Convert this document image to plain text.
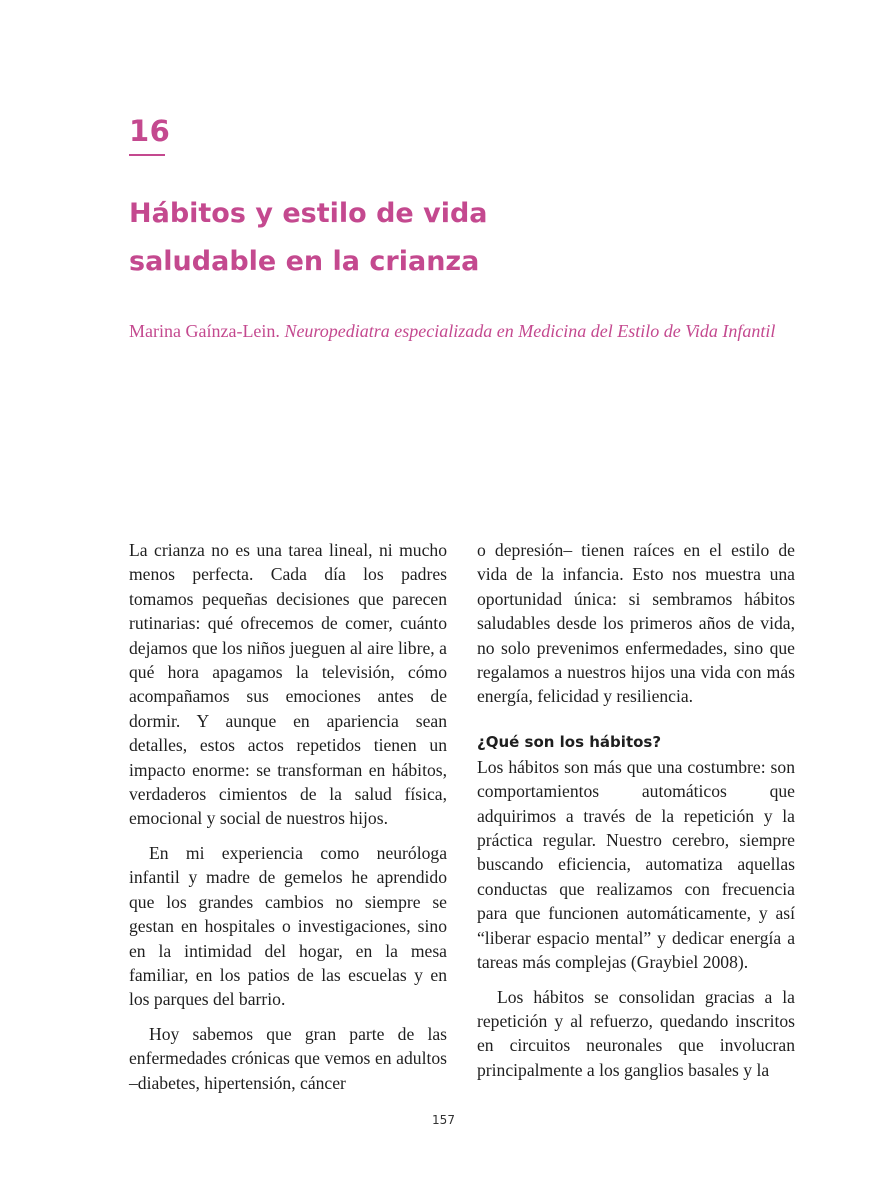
16
Hábitos y estilo de vida
saludable en la crianza
Marina Gaínza-Lein. Neuropediatra especializada en Medicina del Estilo de Vida Infantil

La crianza no es una tarea lineal, ni mucho menos perfecta. Cada día los padres tomamos pequeñas decisiones que parecen rutinarias: qué ofrecemos de comer, cuánto dejamos que los niños jueguen al aire libre, a qué hora apagamos la televisión, cómo acompañamos sus emociones antes de dormir. Y aunque en apariencia sean detalles, estos actos repetidos tienen un impacto enorme: se transforman en hábitos, verdaderos cimientos de la salud física, emocional y social de nuestros hijos.

En mi experiencia como neuróloga infantil y madre de gemelos he aprendido que los grandes cambios no siempre se gestan en hospitales o investigaciones, sino en la intimidad del hogar, en la mesa familiar, en los patios de las escuelas y en los parques del barrio.

Hoy sabemos que gran parte de las enfermedades crónicas que vemos en adultos –diabetes, hipertensión, cáncer

o depresión– tienen raíces en el estilo de vida de la infancia. Esto nos muestra una oportunidad única: si sembramos hábitos saludables desde los primeros años de vida, no solo prevenimos enfermedades, sino que regalamos a nuestros hijos una vida con más energía, felicidad y resiliencia.

¿Qué son los hábitos?

Los hábitos son más que una costumbre: son comportamientos automáticos que adquirimos a través de la repetición y la práctica regular. Nuestro cerebro, siempre buscando eficiencia, automatiza aquellas conductas que realizamos con frecuencia para que funcionen automáticamente, y así “liberar espacio mental” y dedicar energía a tareas más complejas (Graybiel 2008).

Los hábitos se consolidan gracias a la repetición y al refuerzo, quedando inscritos en circuitos neuronales que involucran principalmente a los ganglios basales y la

157
